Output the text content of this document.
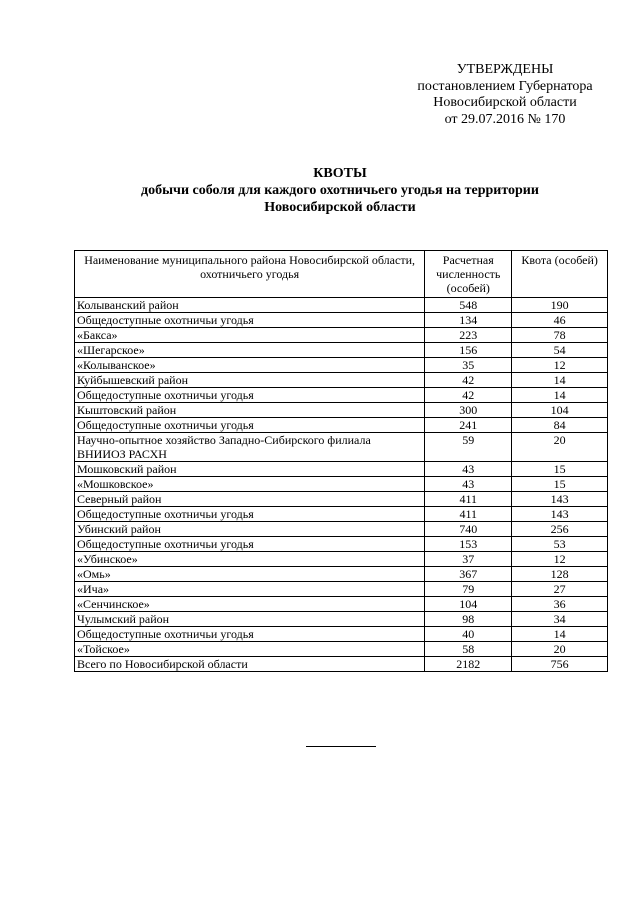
УТВЕРЖДЕНЫ
постановлением Губернатора
Новосибирской области
от 29.07.2016 № 170
КВОТЫ
добычи соболя для каждого охотничьего угодья на территории
Новосибирской области
Наименование муниципального района Новосибирской области, охотничьего угодья	Расчетная численность (особей)	Квота (особей)
Колыванский район	548	190
Общедоступные охотничьи угодья	134	46
«Бакса»	223	78
«Шегарское»	156	54
«Колыванское»	35	12
Куйбышевский район	42	14
Общедоступные охотничьи угодья	42	14
Кыштовский район	300	104
Общедоступные охотничьи угодья	241	84
Научно-опытное хозяйство Западно-Сибирского филиала ВНИИОЗ РАСХН	59	20
Мошковский район	43	15
«Мошковское»	43	15
Северный район	411	143
Общедоступные охотничьи угодья	411	143
Убинский район	740	256
Общедоступные охотничьи угодья	153	53
«Убинское»	37	12
«Омь»	367	128
«Ича»	79	27
«Сенчинское»	104	36
Чулымский район	98	34
Общедоступные охотничьи угодья	40	14
«Тойское»	58	20
Всего по Новосибирской области	2182	756
